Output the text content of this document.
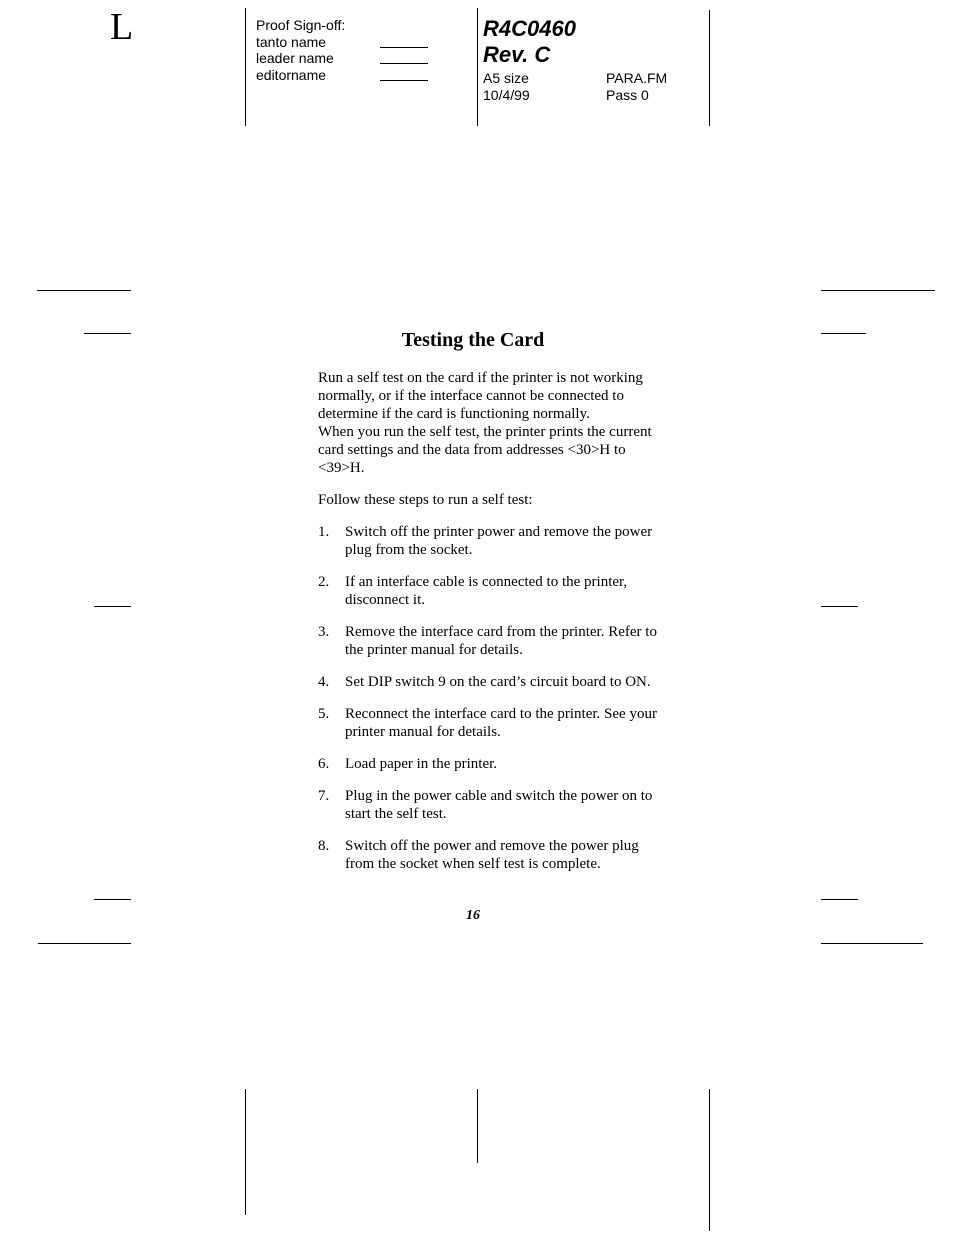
L	Proof Sign-off:
tanto name
leader name
editorname
R4C0460
Rev. C
A5 size	PARA.FM
10/4/99	Pass 0
Testing the Card

Run a self test on the card if the printer is not working normally, or if the interface cannot be connected to determine if the card is functioning normally.

When you run the self test, the printer prints the current card settings and the data from addresses <30>H to <39>H.

Follow these steps to run a self test:

1. Switch off the printer power and remove the power plug from the socket.
2. If an interface cable is connected to the printer, disconnect it.
3. Remove the interface card from the printer. Refer to the printer manual for details.
4. Set DIP switch 9 on the card’s circuit board to ON.
5. Reconnect the interface card to the printer. See your printer manual for details.
6. Load paper in the printer.
7. Plug in the power cable and switch the power on to start the self test.
8. Switch off the power and remove the power plug from the socket when self test is complete.
16
